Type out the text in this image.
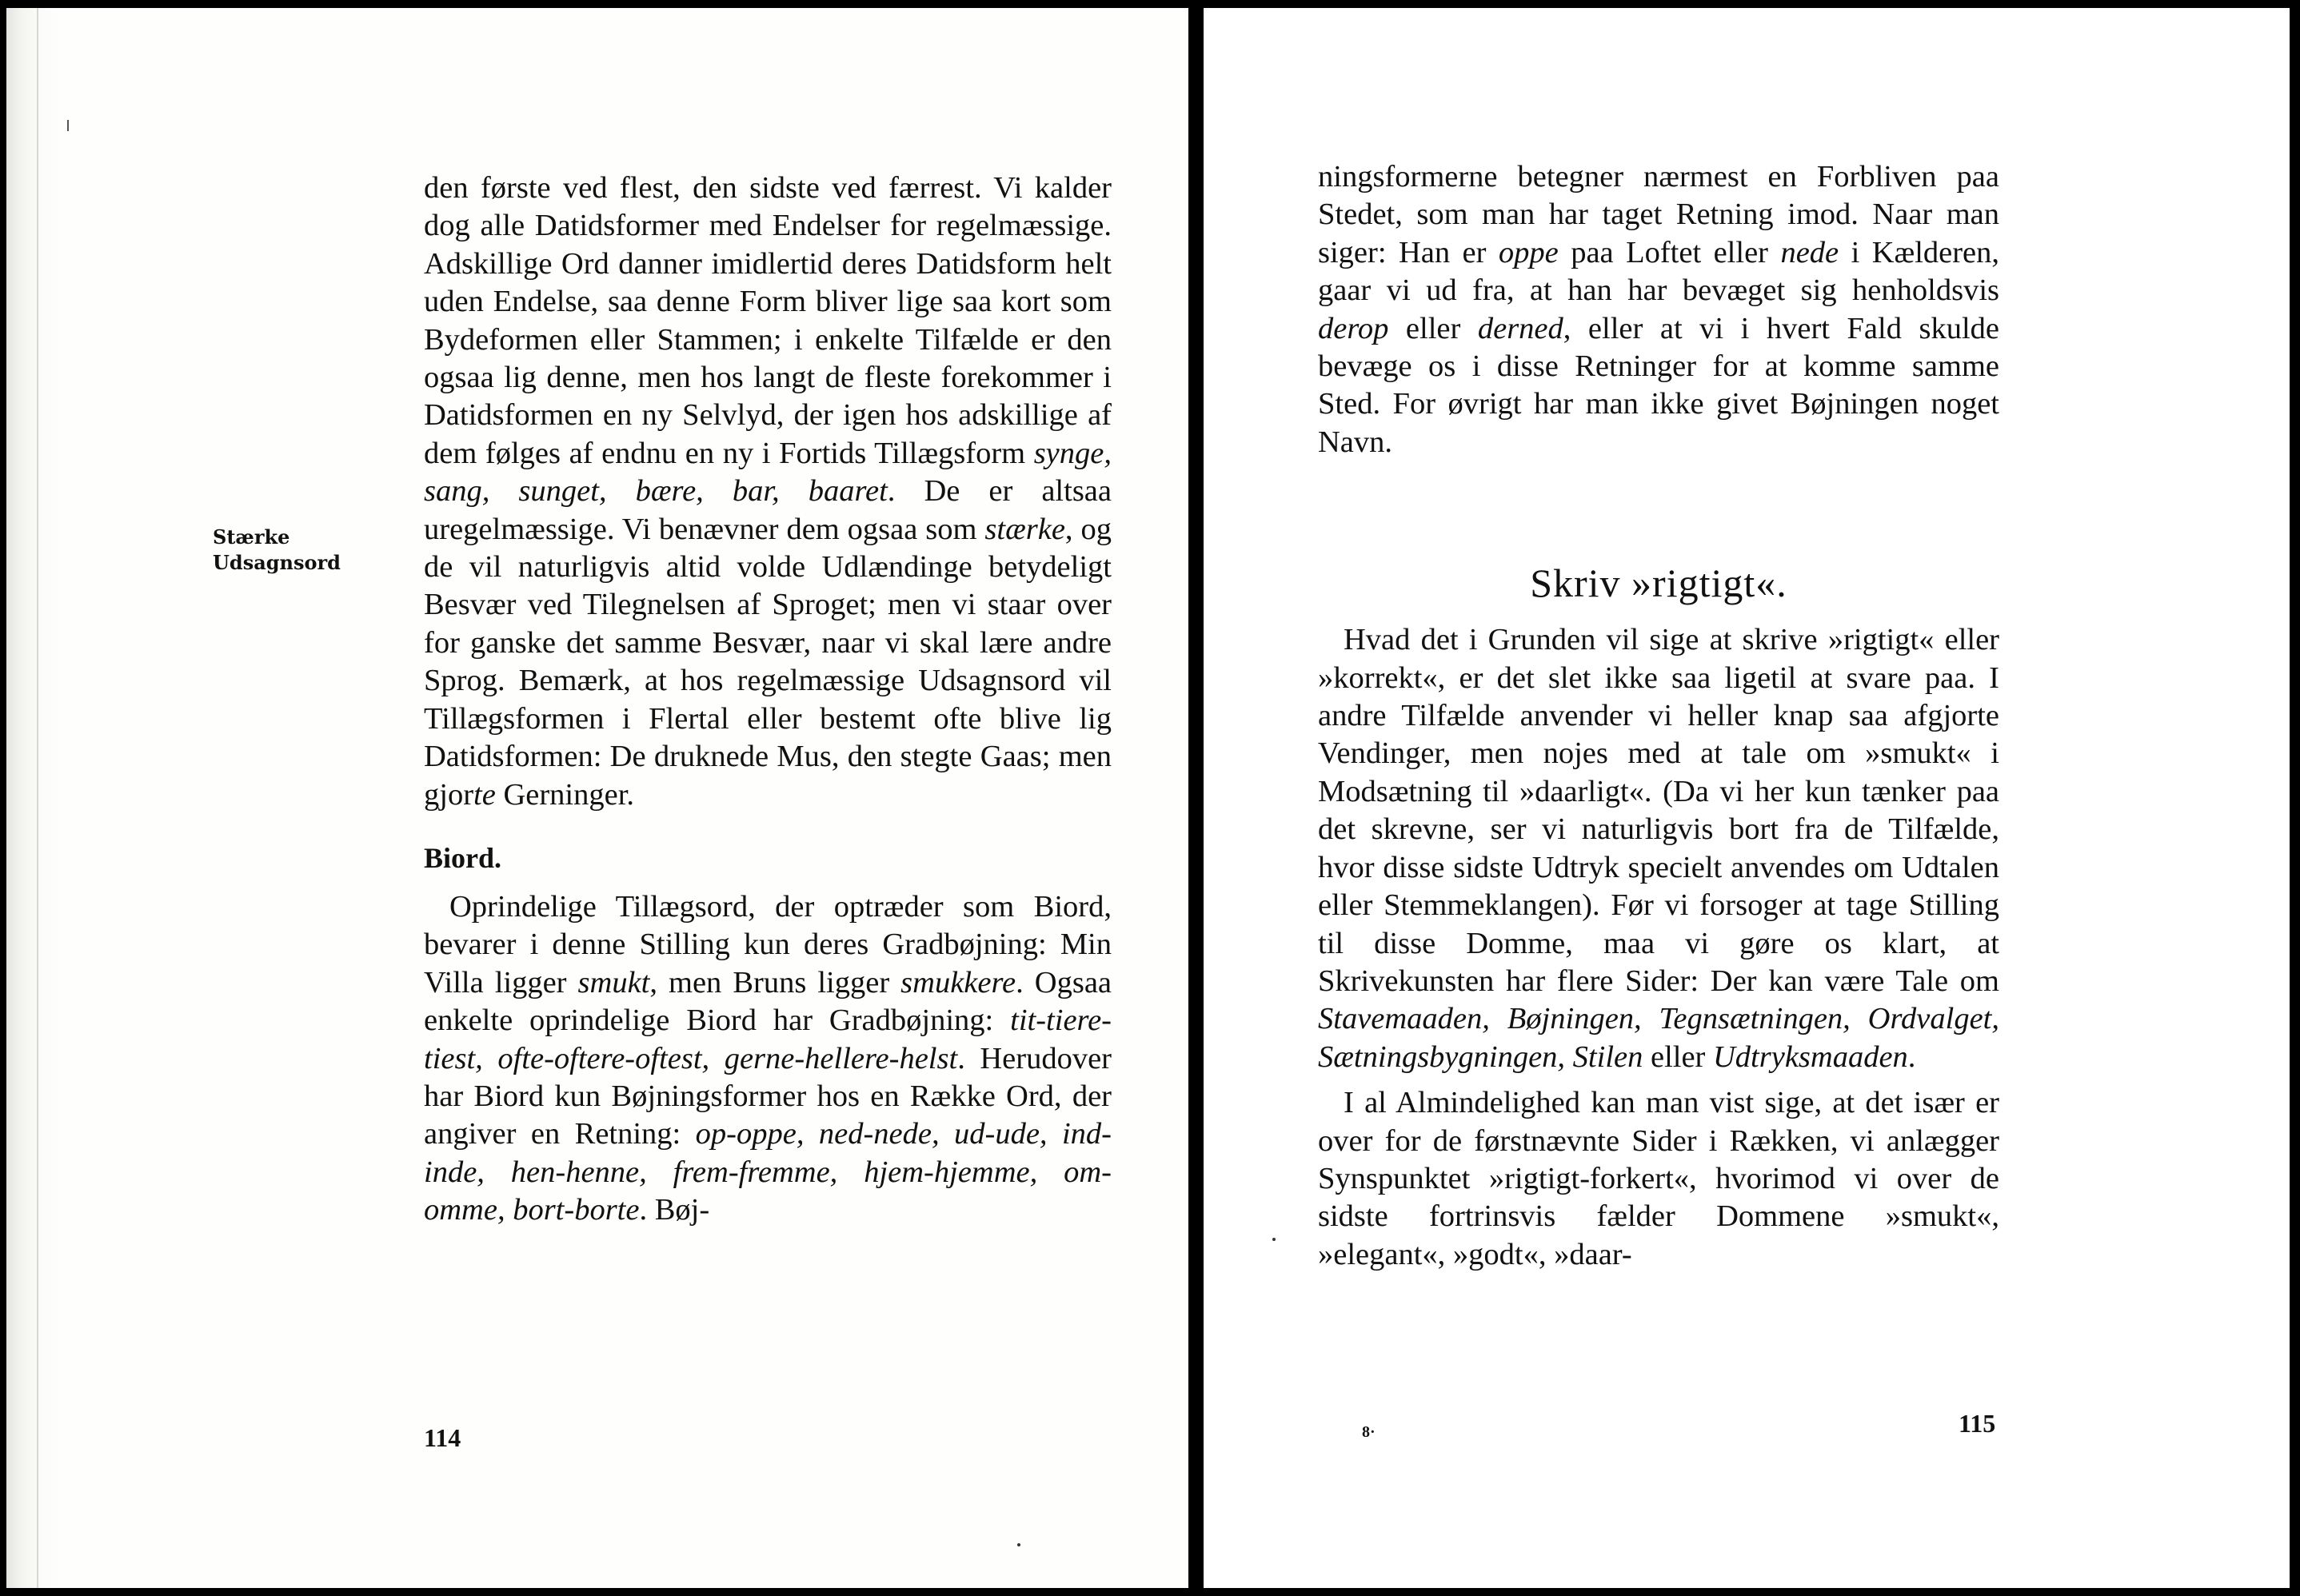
Stærke
Udsagnsord

den første ved flest, den sidste ved færrest. Vi kalder dog alle Datidsformer med Endelser for regelmæssige. Adskillige Ord danner imidlertid deres Datidsform helt uden Endelse, saa denne Form bliver lige saa kort som Bydeformen eller Stammen; i enkelte Tilfælde er den ogsaa lig denne, men hos langt de fleste forekommer i Datidsformen en ny Selvlyd, der igen hos adskillige af dem følges af endnu en ny i Fortids Tillægsform synge, sang, sunget, bære, bar, baaret. De er altsaa uregelmæssige. Vi benævner dem ogsaa som stærke, og de vil naturligvis altid volde Udlændinge betydeligt Besvær ved Tilegnelsen af Sproget; men vi staar over for ganske det samme Besvær, naar vi skal lære andre Sprog. Bemærk, at hos regelmæssige Udsagnsord vil Tillægsformen i Flertal eller bestemt ofte blive lig Datidsformen: De druknede Mus, den stegte Gaas; men gjorte Gerninger.

Biord.

Oprindelige Tillægsord, der optræder som Biord, bevarer i denne Stilling kun deres Gradbøjning: Min Villa ligger smukt, men Bruns ligger smukkere. Ogsaa enkelte oprindelige Biord har Gradbøjning: tit-tiere-tiest, ofte-oftere-oftest, gerne-hellere-helst. Herudover har Biord kun Bøjningsformer hos en Række Ord, der angiver en Retning: op-oppe, ned-nede, ud-ude, ind-inde, hen-henne, frem-fremme, hjem-hjemme, om-omme, bort-borte. Bøj-

114

ningsformerne betegner nærmest en Forbliven paa Stedet, som man har taget Retning imod. Naar man siger: Han er oppe paa Loftet eller nede i Kælderen, gaar vi ud fra, at han har bevæget sig henholdsvis derop eller derned, eller at vi i hvert Fald skulde bevæge os i disse Retninger for at komme samme Sted. For øvrigt har man ikke givet Bøjningen noget Navn.

Skriv »rigtigt«.

Hvad det i Grunden vil sige at skrive »rigtigt« eller »korrekt«, er det slet ikke saa ligetil at svare paa. I andre Tilfælde anvender vi heller knap saa afgjorte Vendinger, men nojes med at tale om »smukt« i Modsætning til »daarligt«. (Da vi her kun tænker paa det skrevne, ser vi naturligvis bort fra de Tilfælde, hvor disse sidste Udtryk specielt anvendes om Udtalen eller Stemmeklangen). Før vi forsoger at tage Stilling til disse Domme, maa vi gøre os klart, at Skrivekunsten har flere Sider: Der kan være Tale om Stavemaaden, Bøjningen, Tegnsætningen, Ordvalget, Sætningsbygningen, Stilen eller Udtryksmaaden.

I al Almindelighed kan man vist sige, at det især er over for de førstnævnte Sider i Rækken, vi anlægger Synspunktet »rigtigt-forkert«, hvorimod vi over de sidste fortrinsvis fælder Dommene »smukt«, »elegant«, »godt«, »daar-

8·	115
